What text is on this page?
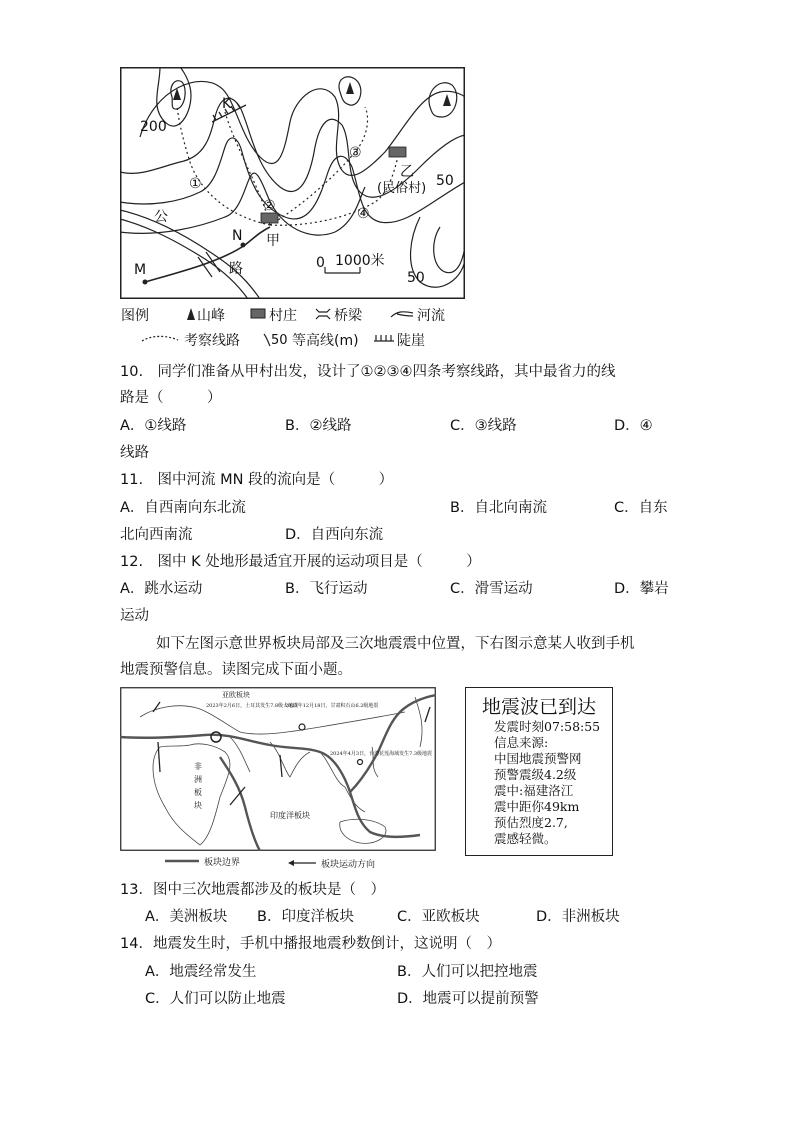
200
K
①
②
③
④
乙
(民俗村) 50
50
甲
N
M
公
路	0 1000米
图例	山峰	村庄	桥梁	河流
考察线路 50 等高线(m)	陡崖
10.　同学们准备从甲村出发，设计了①②③④四条考察线路，其中最省力的线
路是（　　　）
A．①线路	B．②线路	C．③线路	D．④
线路
11.　图中河流 MN 段的流向是（　　　）
A．自西南向东北流	B．自北向南流	C．自东
北向西南流	D．自西向东流
12.　图中 K 处地形最适宜开展的运动项目是（　　　）
A．跳水运动	B．飞行运动	C．滑雪运动	D．攀岩
运动
如下左图示意世界板块局部及三次地震震中位置，下右图示意某人收到手机
地震预警信息。读图完成下面小题。
亚欧板块
2023年2月6日，土耳其发生7.8级大地震
2023年12月18日，甘肃积石山6.2级地震
2024年4月3日，台湾花莲海域发生7.3级地震
非
洲
板
块
印度洋板块
板块边界	板块运动方向
地震波已到达
发震时刻07:58:55
信息来源:
中国地震预警网
预警震级4.2级
震中:福建洛江
震中距你49km
预估烈度2.7,
震感轻微。
13．图中三次地震都涉及的板块是（　）
A．美洲板块 B．印度洋板块	C．亚欧板块	D．非洲板块
14．地震发生时，手机中播报地震秒数倒计，这说明（　）
A．地震经常发生	B．人们可以把控地震
C．人们可以防止地震	D．地震可以提前预警
